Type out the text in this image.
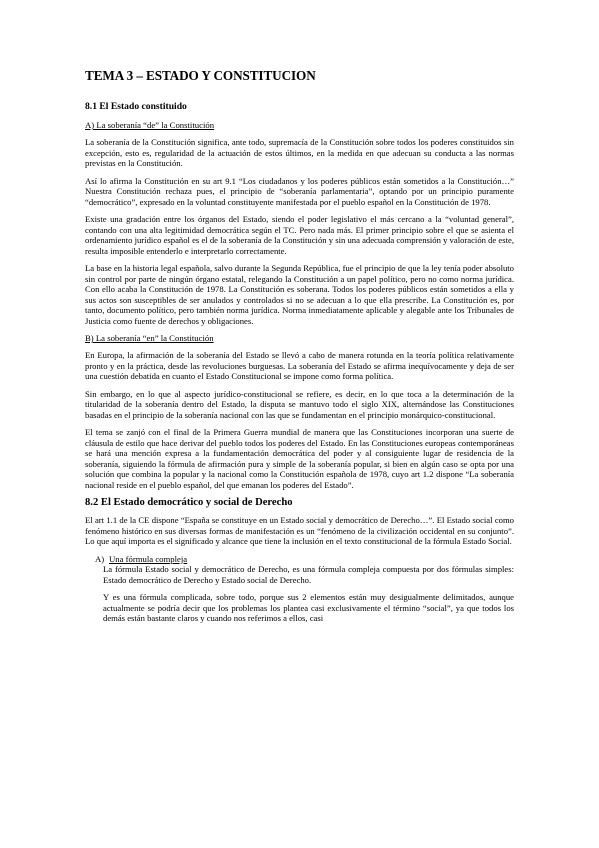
TEMA 3 – ESTADO Y CONSTITUCION
8.1 El Estado constituido
A) La soberanía “de” la Constitución

La soberanía de la Constitución significa, ante todo, supremacía de la Constitución sobre todos los poderes constituidos sin excepción, esto es, regularidad de la actuación de estos últimos, en la medida en que adecuan su conducta a las normas previstas en la Constitución.

Así lo afirma la Constitución en su art 9.1 “Los ciudadanos y los poderes públicos están sometidos a la Constitución…” Nuestra Constitución rechaza pues, el principio de “soberanía parlamentaria”, optando por un principio puramente “democrático”, expresado en la voluntad constituyente manifestada por el pueblo español en la Constitución de 1978.

Existe una gradación entre los órganos del Estado, siendo el poder legislativo el más cercano a la “voluntad general”, contando con una alta legitimidad democrática según el TC. Pero nada más. El primer principio sobre el que se asienta el ordenamiento jurídico español es el de la soberanía de la Constitución y sin una adecuada comprensión y valoración de este, resulta imposible entenderlo e interpretarlo correctamente.

La base en la historia legal española, salvo durante la Segunda República, fue el principio de que la ley tenía poder absoluto sin control por parte de ningún órgano estatal, relegando la Constitución a un papel político, pero no como norma jurídica. Con ello acaba la Constitución de 1978. La Constitución es soberana. Todos los poderes públicos están sometidos a ella y sus actos son susceptibles de ser anulados y controlados si no se adecuan a lo que ella prescribe. La Constitución es, por tanto, documento político, pero también norma jurídica. Norma inmediatamente aplicable y alegable ante los Tribunales de Justicia como fuente de derechos y obligaciones.

B) La soberanía “en” la Constitución

En Europa, la afirmación de la soberanía del Estado se llevó a cabo de manera rotunda en la teoría política relativamente pronto y en la práctica, desde las revoluciones burguesas. La soberanía del Estado se afirma inequívocamente y deja de ser una cuestión debatida en cuanto el Estado Constitucional se impone como forma política.

Sin embargo, en lo que al aspecto jurídico-constitucional se refiere, es decir, en lo que toca a la determinación de la titularidad de la soberanía dentro del Estado, la disputa se mantuvo todo el siglo XIX, alternándose las Constituciones basadas en el principio de la soberanía nacional con las que se fundamentan en el principio monárquico-constitucional.

El tema se zanjó con el final de la Primera Guerra mundial de manera que las Constituciones incorporan una suerte de cláusula de estilo que hace derivar del pueblo todos los poderes del Estado. En las Constituciones europeas contemporáneas se hará una mención expresa a la fundamentación democrática del poder y al consiguiente lugar de residencia de la soberanía, siguiendo la fórmula de afirmación pura y simple de la soberanía popular, si bien en algún caso se opta por una solución que combina la popular y la nacional como la Constitución española de 1978, cuyo art 1.2 dispone “La soberanía nacional reside en el pueblo español, del que emanan los poderes del Estado”.

8.2 El Estado democrático y social de Derecho

El art 1.1 de la CE dispone “España se constituye en un Estado social y democrático de Derecho…”. El Estado social como fenómeno histórico en sus diversas formas de manifestación es un “fenómeno de la civilización occidental en su conjunto”. Lo que aquí importa es el significado y alcance que tiene la inclusión en el texto constitucional de la fórmula Estado Social.

A) Una fórmula compleja

La fórmula Estado social y democrático de Derecho, es una fórmula compleja compuesta por dos fórmulas simples: Estado democrático de Derecho y Estado social de Derecho.

Y es una fórmula complicada, sobre todo, porque sus 2 elementos están muy desigualmente delimitados, aunque actualmente se podría decir que los problemas los plantea casi exclusivamente el término “social”, ya que todos los demás están bastante claros y cuando nos referimos a ellos, casi
